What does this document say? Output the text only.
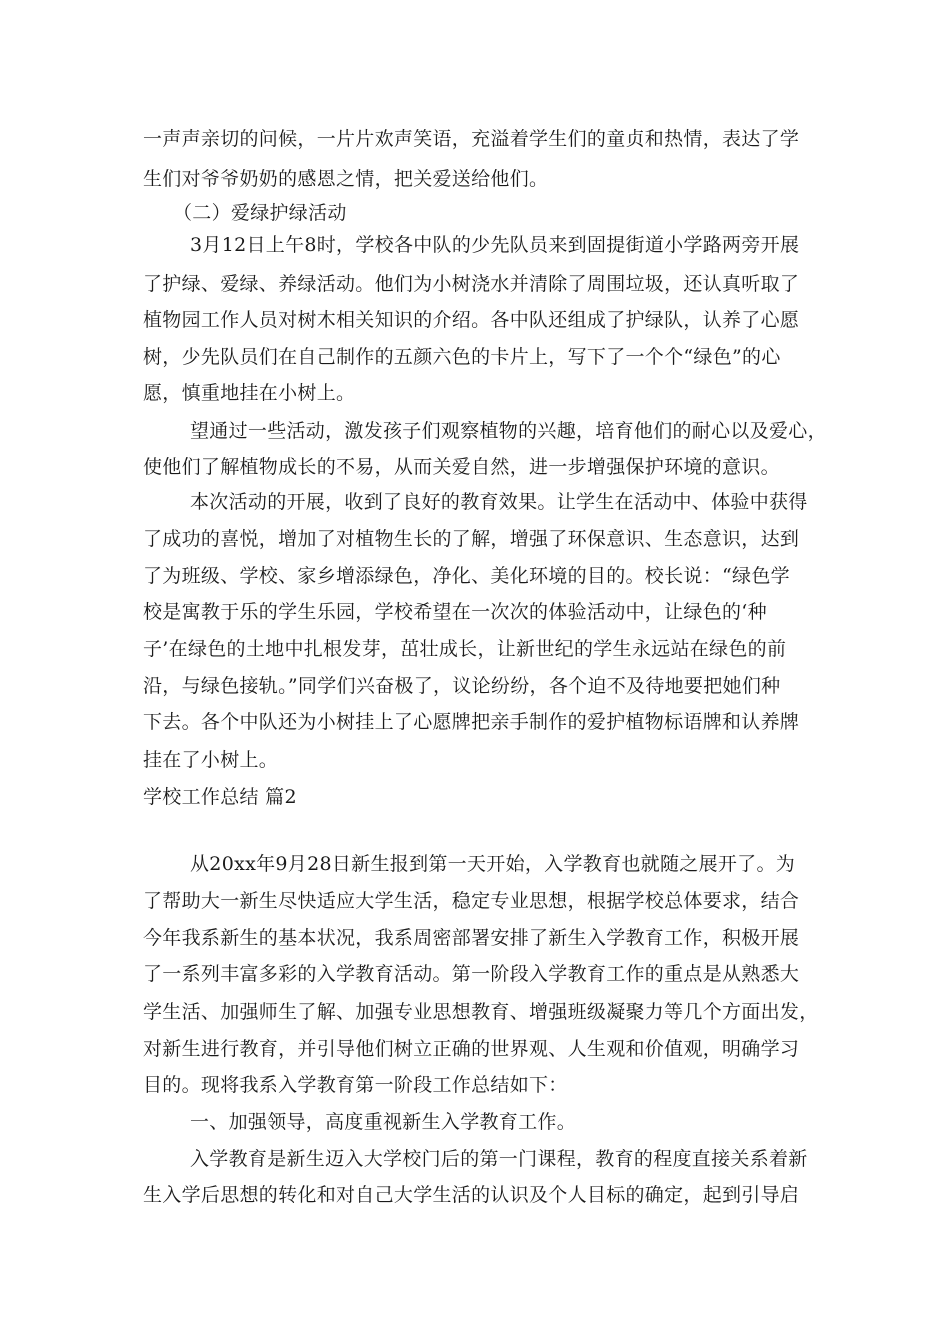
一声声亲切的问候，一片片欢声笑语，充溢着学生们的童贞和热情，表达了学
生们对爷爷奶奶的感恩之情，把关爱送给他们。
（二）爱绿护绿活动
3月12日上午8时，学校各中队的少先队员来到固提街道小学路两旁开展
了护绿、爱绿、养绿活动。他们为小树浇水并清除了周围垃圾，还认真听取了
植物园工作人员对树木相关知识的介绍。各中队还组成了护绿队，认养了心愿
树，少先队员们在自己制作的五颜六色的卡片上，写下了一个个“绿色”的心
愿，慎重地挂在小树上。
望通过一些活动，激发孩子们观察植物的兴趣，培育他们的耐心以及爱心，
使他们了解植物成长的不易，从而关爱自然，进一步增强保护环境的意识。
本次活动的开展，收到了良好的教育效果。让学生在活动中、体验中获得
了成功的喜悦，增加了对植物生长的了解，增强了环保意识、生态意识，达到
了为班级、学校、家乡增添绿色，净化、美化环境的目的。校长说：“绿色学
校是寓教于乐的学生乐园，学校希望在一次次的体验活动中，让绿色的‘种
子’在绿色的土地中扎根发芽，茁壮成长，让新世纪的学生永远站在绿色的前
沿，与绿色接轨。”同学们兴奋极了，议论纷纷，各个迫不及待地要把她们种
下去。各个中队还为小树挂上了心愿牌把亲手制作的爱护植物标语牌和认养牌
挂在了小树上。
学校工作总结 篇2
从20xx年9月28日新生报到第一天开始，入学教育也就随之展开了。为
了帮助大一新生尽快适应大学生活，稳定专业思想，根据学校总体要求，结合
今年我系新生的基本状况，我系周密部署安排了新生入学教育工作，积极开展
了一系列丰富多彩的入学教育活动。第一阶段入学教育工作的重点是从熟悉大
学生活、加强师生了解、加强专业思想教育、增强班级凝聚力等几个方面出发，
对新生进行教育，并引导他们树立正确的世界观、人生观和价值观，明确学习
目的。现将我系入学教育第一阶段工作总结如下：
一、加强领导，高度重视新生入学教育工作。
入学教育是新生迈入大学校门后的第一门课程，教育的程度直接关系着新
生入学后思想的转化和对自己大学生活的认识及个人目标的确定，起到引导启
